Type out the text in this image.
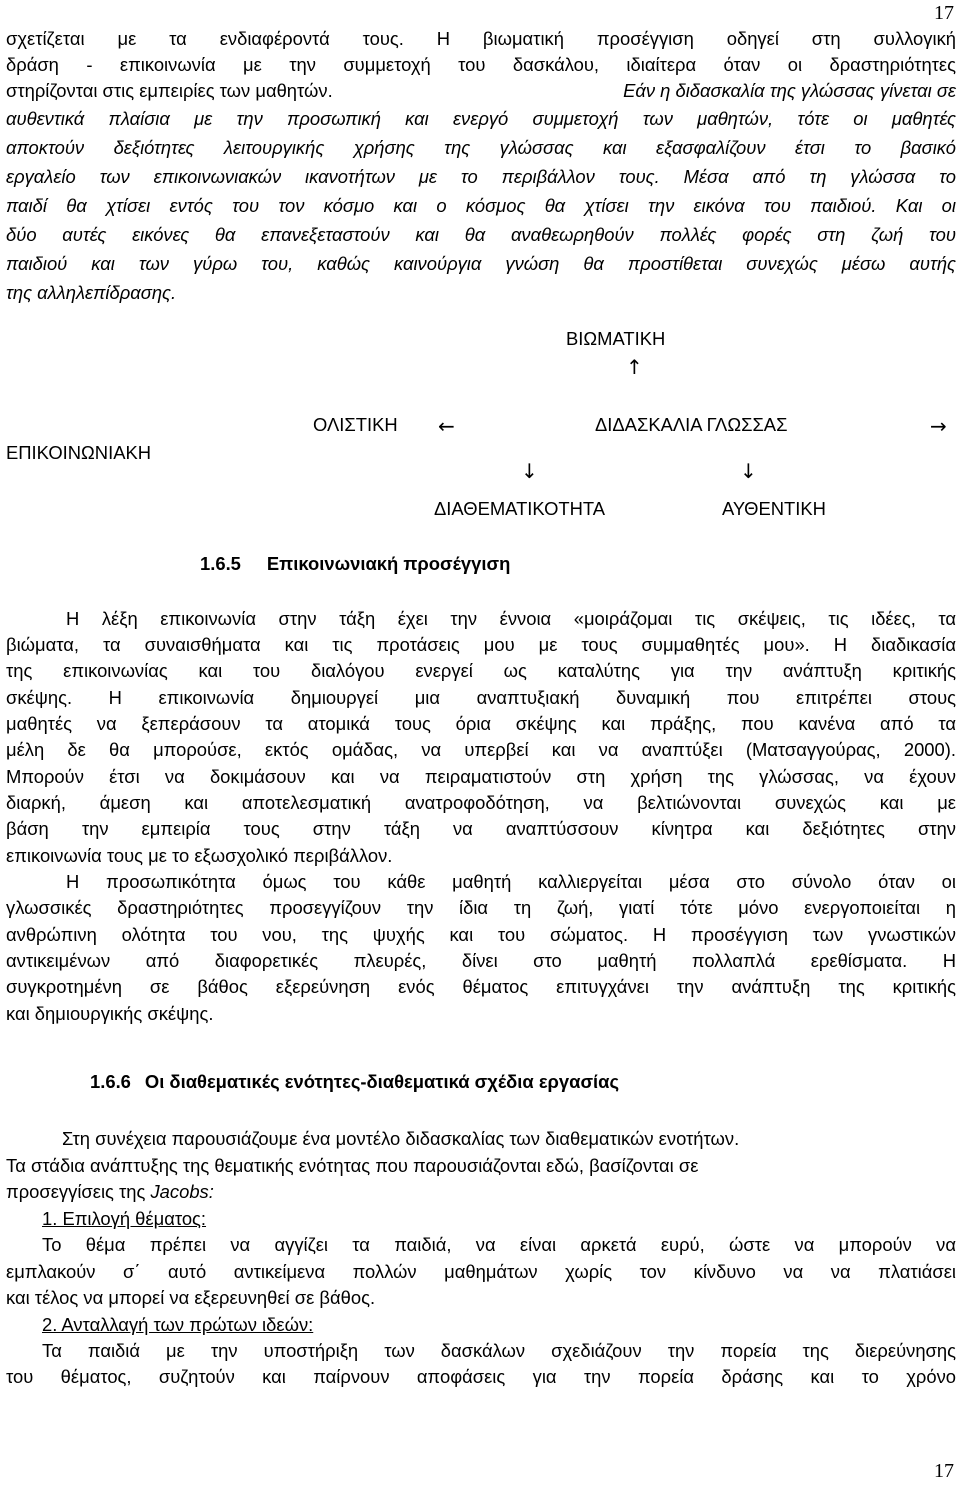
17
σχετίζεται με τα ενδιαφέροντά τους. Η βιωματική προσέγγιση οδηγεί στη συλλογική
δράση - επικοινωνία με την συμμετοχή του δασκάλου, ιδιαίτερα όταν οι δραστηριότητες
στηρίζονται στις εμπειρίες των μαθητών.	Εάν η διδασκαλία της γλώσσας γίνεται σε
αυθεντικά πλαίσια με την προσωπική και ενεργό συμμετοχή των μαθητών, τότε οι μαθητές
αποκτούν δεξιότητες λειτουργικής χρήσης της γλώσσας και εξασφαλίζουν έτσι το βασικό
εργαλείο των επικοινωνιακών ικανοτήτων με το περιβάλλον τους. Μέσα από τη γλώσσα το
παιδί θα χτίσει εντός του τον κόσμο και ο κόσμος θα χτίσει την εικόνα του παιδιού. Και οι
δύο αυτές εικόνες θα επανεξεταστούν και θα αναθεωρηθούν πολλές φορές στη ζωή του
παιδιού και των γύρω του, καθώς καινούργια γνώση θα προστίθεται συνεχώς μέσω αυτής
της αλληλεπίδρασης.
ΒΙΩΜΑΤΙΚΗ
↑
ΟΛΙΣΤΙΚΗ ←	ΔΙΔΑΣΚΑΛΙΑ ΓΛΩΣΣΑΣ	→
ΕΠΙΚΟΙΝΩΝΙΑΚΗ
↓	↓
ΔΙΑΘΕΜΑΤΙΚΟΤΗΤΑ	ΑΥΘΕΝΤΙΚΗ
1.6.5 Επικοινωνιακή προσέγγιση
Η λέξη επικοινωνία στην τάξη έχει την έννοια «μοιράζομαι τις σκέψεις, τις ιδέες, τα
βιώματα, τα συναισθήματα και τις προτάσεις μου με τους συμμαθητές μου». Η διαδικασία
της επικοινωνίας και του διαλόγου ενεργεί ως καταλύτης για την ανάπτυξη κριτικής
σκέψης. Η επικοινωνία δημιουργεί μια αναπτυξιακή δυναμική που επιτρέπει στους
μαθητές να ξεπεράσουν τα ατομικά τους όρια σκέψης και πράξης, που κανένα από τα
μέλη δε θα μπορούσε, εκτός ομάδας, να υπερβεί και να αναπτύξει (Ματσαγγούρας, 2000).
Μπορούν έτσι να δοκιμάσουν και να πειραματιστούν στη χρήση της γλώσσας, να έχουν
διαρκή, άμεση και αποτελεσματική ανατροφοδότηση, να βελτιώνονται συνεχώς και με
βάση την εμπειρία τους στην τάξη να αναπτύσσουν κίνητρα και δεξιότητες στην
επικοινωνία τους με το εξωσχολικό περιβάλλον.
Η προσωπικότητα όμως του κάθε μαθητή καλλιεργείται μέσα στο σύνολο όταν οι
γλωσσικές δραστηριότητες προσεγγίζουν την ίδια τη ζωή, γιατί τότε μόνο ενεργοποιείται η
ανθρώπινη ολότητα του νου, της ψυχής και του σώματος. Η προσέγγιση των γνωστικών
αντικειμένων από διαφορετικές πλευρές, δίνει στο μαθητή πολλαπλά ερεθίσματα. Η
συγκροτημένη σε βάθος εξερεύνηση ενός θέματος επιτυγχάνει την ανάπτυξη της κριτικής
και δημιουργικής σκέψης.
1.6.6 Οι διαθεματικές ενότητες-διαθεματικά σχέδια εργασίας
Στη συνέχεια παρουσιάζουμε ένα μοντέλο διδασκαλίας των διαθεματικών ενοτήτων.
Τα στάδια ανάπτυξης της θεματικής ενότητας που παρουσιάζονται εδώ, βασίζονται σε
προσεγγίσεις της Jacobs:
1. Επιλογή θέματος:
Το θέμα πρέπει να αγγίζει τα παιδιά, να είναι αρκετά ευρύ, ώστε να μπορούν να
εμπλακούν σ΄ αυτό αντικείμενα πολλών μαθημάτων χωρίς τον κίνδυνο να να πλατιάσει
και τέλος να μπορεί να εξερευνηθεί σε βάθος.
2. Ανταλλαγή των πρώτων ιδεών:
Τα παιδιά με την υποστήριξη των δασκάλων σχεδιάζουν την πορεία της διερεύνησης
του θέματος, συζητούν και παίρνουν αποφάσεις για την πορεία δράσης και το χρόνο
17
